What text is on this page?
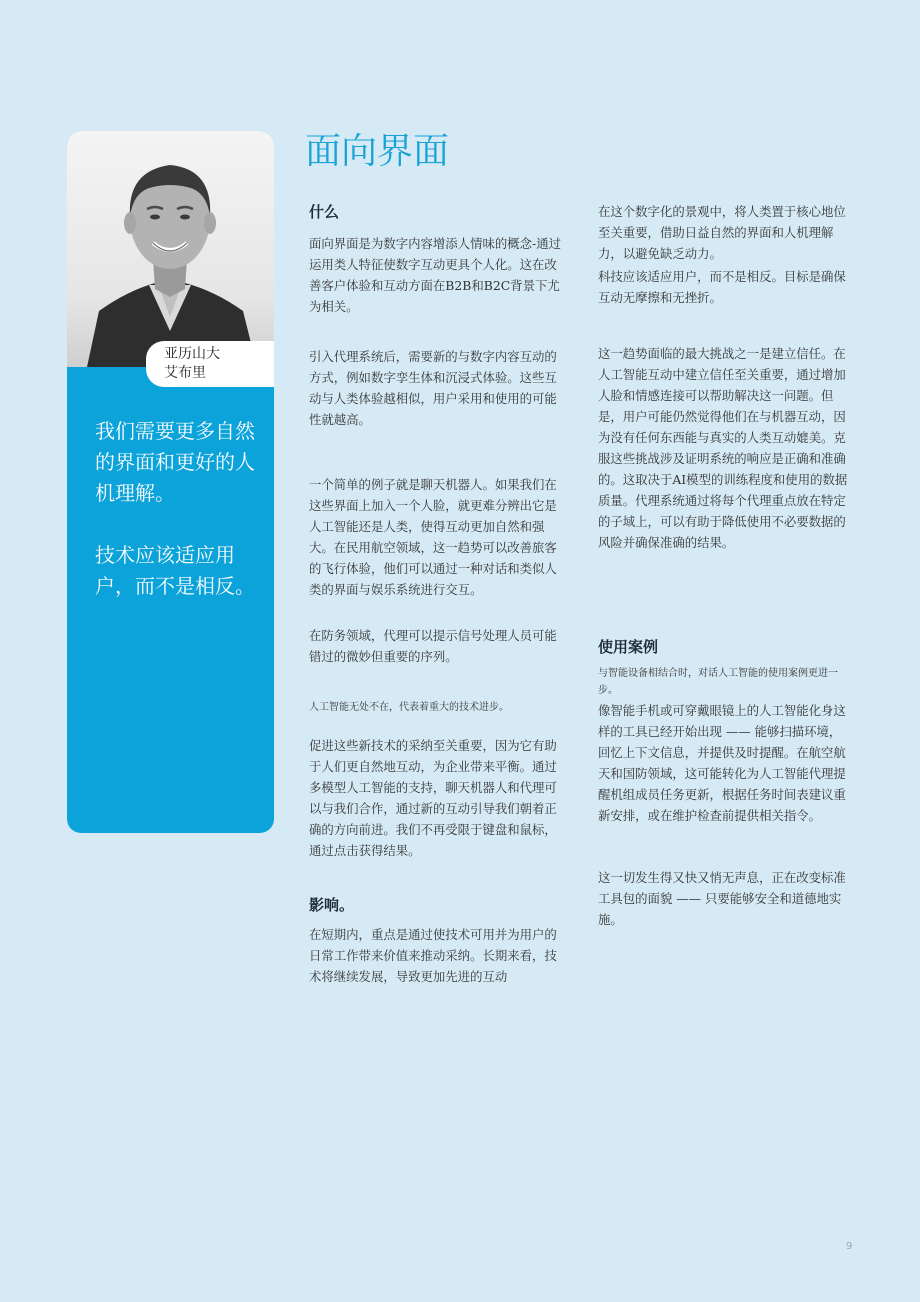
亚历山大
艾布里

我们需要更多自然的界面和更好的人机理解。

技术应该适应用户，而不是相反。

面向界面
什么

面向界面是为数字内容增添人情味的概念-通过运用类人特征使数字互动更具个人化。这在改善客户体验和互动方面在B2B和B2C背景下尤为相关。

引入代理系统后，需要新的与数字内容互动的方式，例如数字孪生体和沉浸式体验。这些互动与人类体验越相似，用户采用和使用的可能性就越高。

一个简单的例子就是聊天机器人。如果我们在这些界面上加入一个人脸，就更难分辨出它是人工智能还是人类，使得互动更加自然和强大。在民用航空领域，这一趋势可以改善旅客的飞行体验，他们可以通过一种对话和类似人类的界面与娱乐系统进行交互。

在防务领域，代理可以提示信号处理人员可能错过的微妙但重要的序列。

人工智能无处不在，代表着重大的技术进步。

促进这些新技术的采纳至关重要，因为它有助于人们更自然地互动，为企业带来平衡。通过多模型人工智能的支持，聊天机器人和代理可以与我们合作，通过新的互动引导我们朝着正确的方向前进。我们不再受限于键盘和鼠标，通过点击获得结果。

影响。

在短期内，重点是通过使技术可用并为用户的日常工作带来价值来推动采纳。长期来看，技术将继续发展，导致更加先进的互动

在这个数字化的景观中，将人类置于核心地位至关重要，借助日益自然的界面和人机理解力，以避免缺乏动力。

科技应该适应用户，而不是相反。目标是确保互动无摩擦和无挫折。

这一趋势面临的最大挑战之一是建立信任。在人工智能互动中建立信任至关重要，通过增加人脸和情感连接可以帮助解决这一问题。但是，用户可能仍然觉得他们在与机器互动，因为没有任何东西能与真实的人类互动媲美。克服这些挑战涉及证明系统的响应是正确和准确的。这取决于AI模型的训练程度和使用的数据质量。代理系统通过将每个代理重点放在特定的子域上，可以有助于降低使用不必要数据的风险并确保准确的结果。

使用案例

与智能设备相结合时，对话人工智能的使用案例更进一步。

像智能手机或可穿戴眼镜上的人工智能化身这样的工具已经开始出现 —— 能够扫描环境，回忆上下文信息，并提供及时提醒。在航空航天和国防领域，这可能转化为人工智能代理提醒机组成员任务更新，根据任务时间表建议重新安排，或在维护检查前提供相关指令。

这一切发生得又快又悄无声息，正在改变标准工具包的面貌 —— 只要能够安全和道德地实施。

9
